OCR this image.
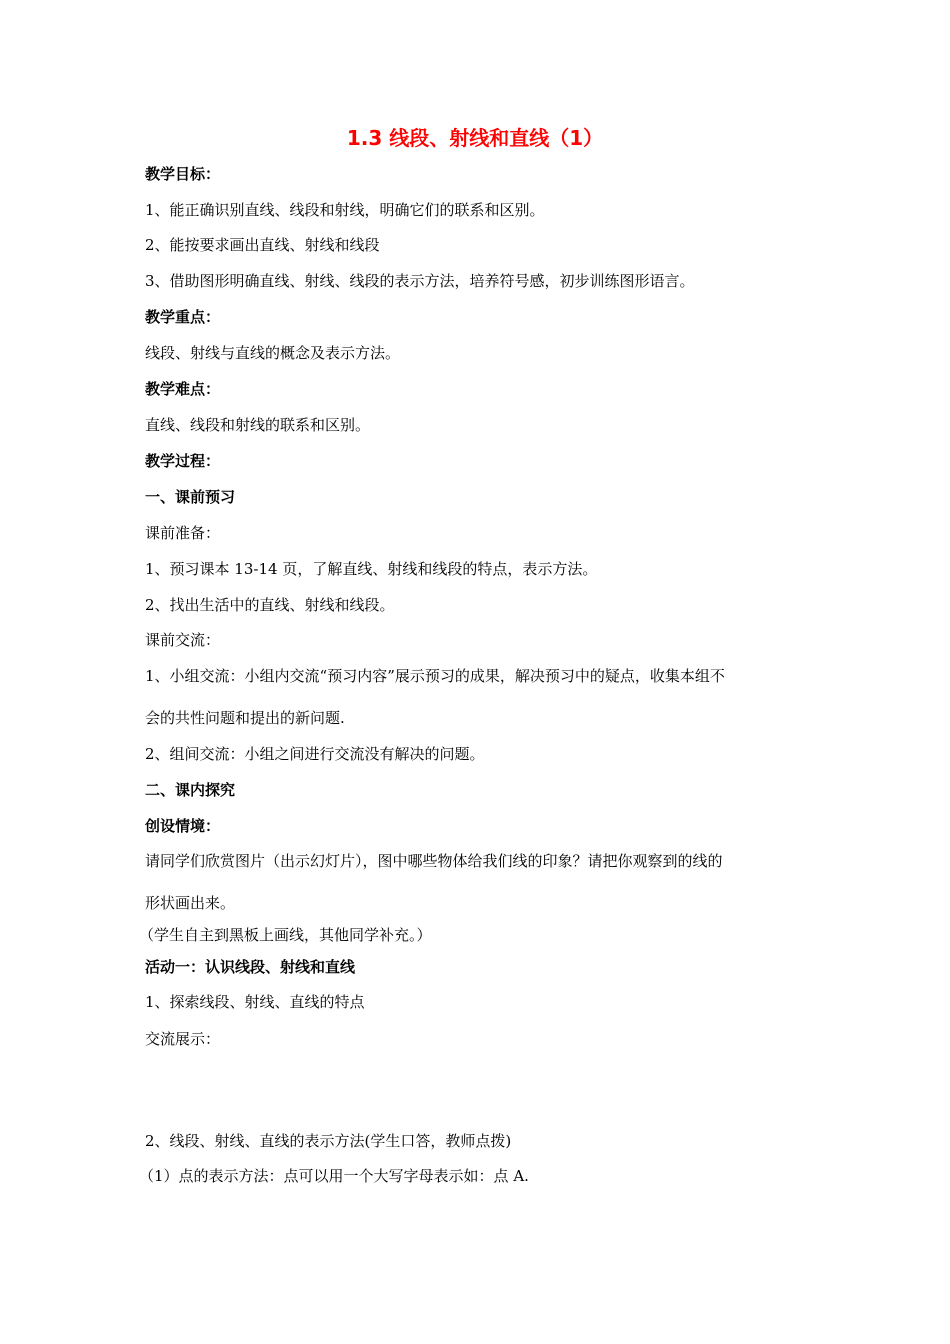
1.3 线段、射线和直线（1）

教学目标：

1、能正确识别直线、线段和射线，明确它们的联系和区别。

2、能按要求画出直线、射线和线段

3、借助图形明确直线、射线、线段的表示方法，培养符号感，初步训练图形语言。

教学重点：

线段、射线与直线的概念及表示方法。

教学难点：

直线、线段和射线的联系和区别。

教学过程：

一、课前预习

课前准备：

1、预习课本 13-14 页，了解直线、射线和线段的特点，表示方法。

2、找出生活中的直线、射线和线段。

课前交流：

1、小组交流：小组内交流“预习内容”展示预习的成果，解决预习中的疑点，收集本组不

会的共性问题和提出的新问题.

2、组间交流：小组之间进行交流没有解决的问题。

二、课内探究

创设情境：

请同学们欣赏图片（出示幻灯片），图中哪些物体给我们线的印象？请把你观察到的线的

形状画出来。

（学生自主到黑板上画线，其他同学补充。）

活动一：认识线段、射线和直线

1、探索线段、射线、直线的特点

交流展示：

2、线段、射线、直线的表示方法(学生口答，教师点拨)

（1）点的表示方法：点可以用一个大写字母表示如：点 A.
